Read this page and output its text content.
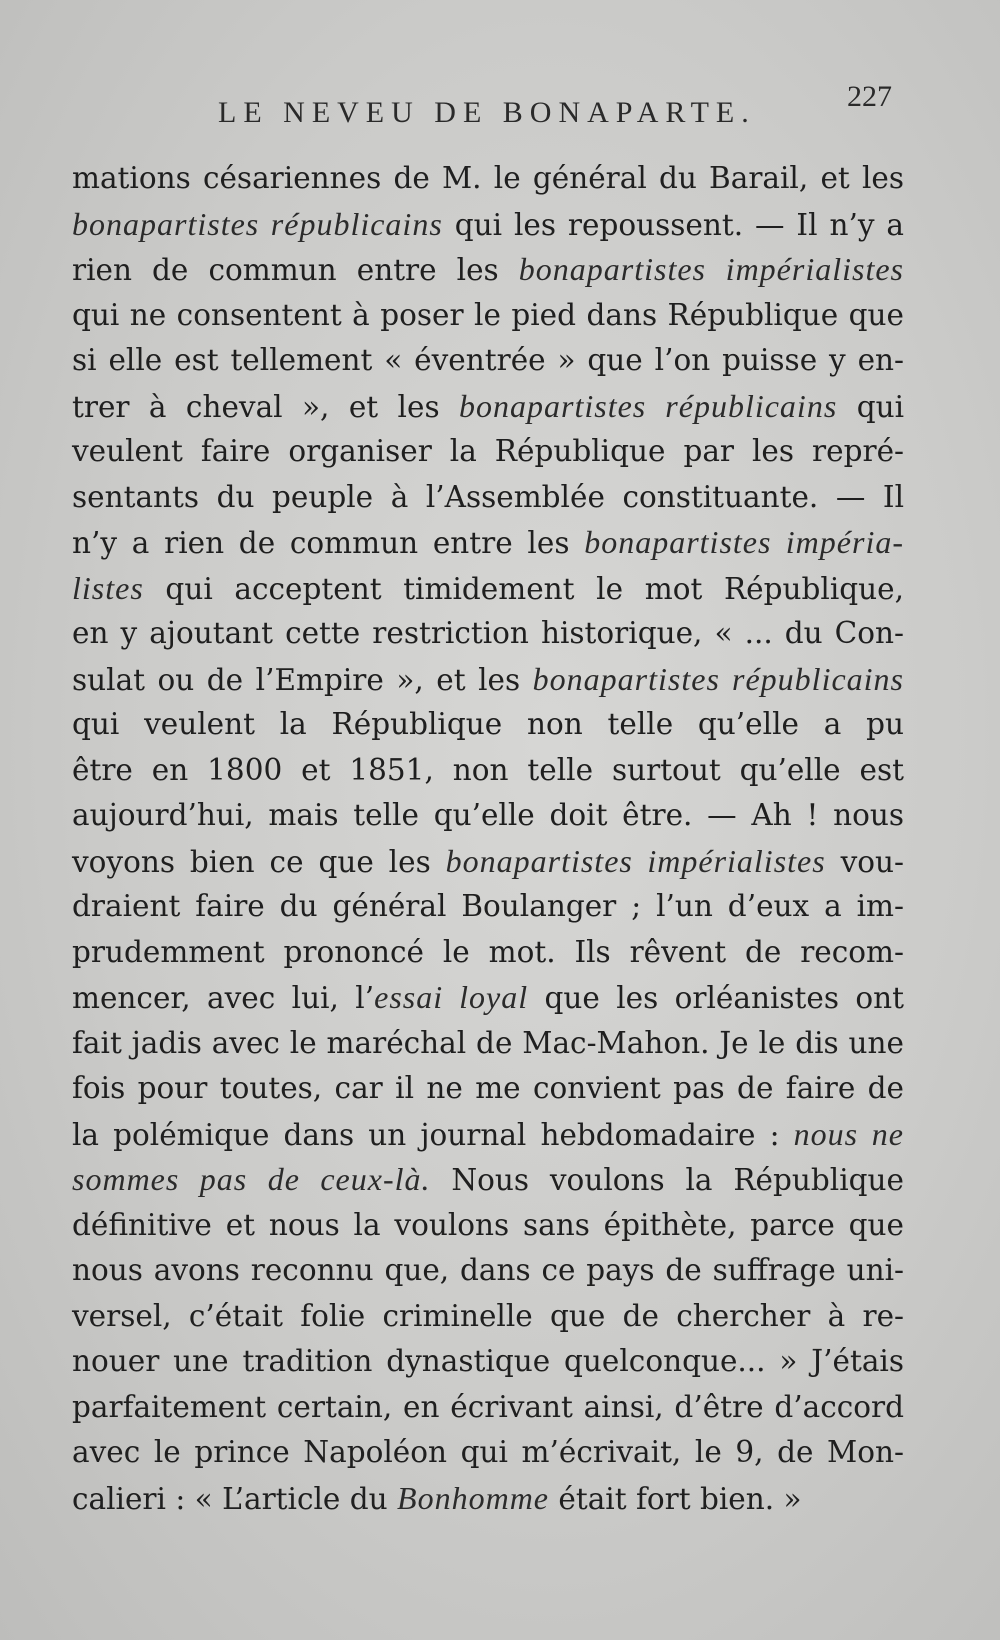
LE NEVEU DE BONAPARTE.	227
mations césariennes de M. le général du Barail, et les
bonapartistes républicains qui les repoussent. — Il n’y a
rien de commun entre les bonapartistes impérialistes
qui ne consentent à poser le pied dans République que
si elle est tellement « éventrée » que l’on puisse y en-
trer à cheval », et les bonapartistes républicains qui
veulent faire organiser la République par les repré-
sentants du peuple à l’Assemblée constituante. — Il
n’y a rien de commun entre les bonapartistes impéria-
listes qui acceptent timidement le mot République,
en y ajoutant cette restriction historique, « ... du Con-
sulat ou de l’Empire », et les bonapartistes républicains
qui veulent la République non telle qu’elle a pu
être en 1800 et 1851, non telle surtout qu’elle est
aujourd’hui, mais telle qu’elle doit être. — Ah ! nous
voyons bien ce que les bonapartistes impérialistes vou-
draient faire du général Boulanger ; l’un d’eux a im-
prudemment prononcé le mot. Ils rêvent de recom-
mencer, avec lui, l’essai loyal que les orléanistes ont
fait jadis avec le maréchal de Mac-Mahon. Je le dis une
fois pour toutes, car il ne me convient pas de faire de
la polémique dans un journal hebdomadaire : nous ne
sommes pas de ceux-là. Nous voulons la République
définitive et nous la voulons sans épithète, parce que
nous avons reconnu que, dans ce pays de suffrage uni-
versel, c’était folie criminelle que de chercher à re-
nouer une tradition dynastique quelconque... » J’étais
parfaitement certain, en écrivant ainsi, d’être d’accord
avec le prince Napoléon qui m’écrivait, le 9, de Mon-
calieri : « L’article du Bonhomme était fort bien. »
